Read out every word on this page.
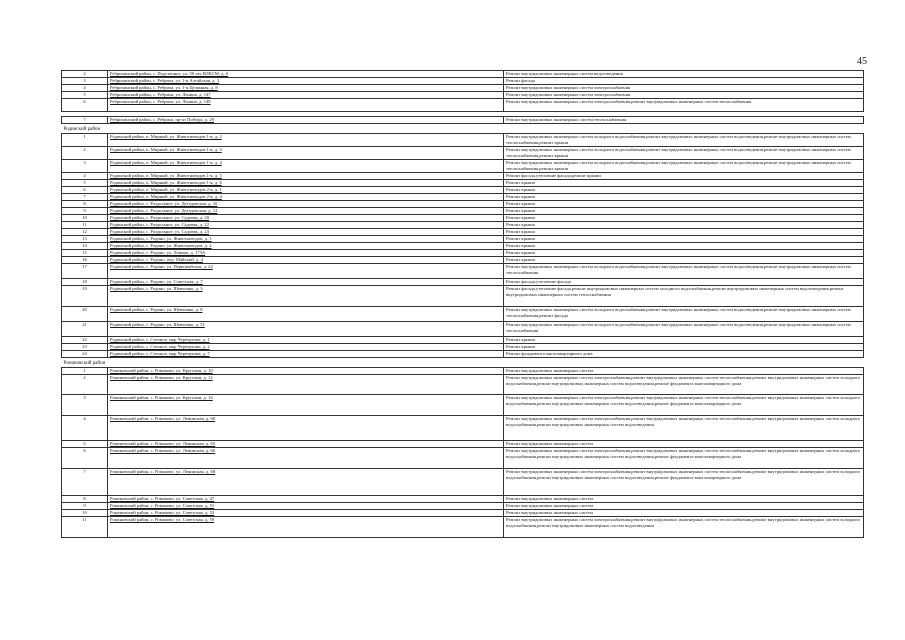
45
2	Ребрихинский район, с. Подстепное, ул. 50 лет ВЛКСМ, д. 6	Ремонт внутридомовых инженерных систем водоотведения
3	Ребрихинский район, с. Ребриха, ул. 1-я Алтайская, д. 3	Ремонт фасада
4	Ребрихинский район, с. Ребриха, ул. 1-я Целинная, д. 8	Ремонт внутридомовых инженерных систем электроснабжения
5	Ребрихинский район, с. Ребриха, ул. Ленина, д. 147	Ремонт внутридомовых инженерных систем электроснабжения
6	Ребрихинский район, с. Ребриха, ул. Ленина, д. 149	Ремонт внутридомовых инженерных систем электроснабжения,ремонт внутридомовых инженерных систем теплоснабжения

7	Ребрихинский район, с. Ребриха, пр-кт Победы, д. 29	Ремонт внутридомовых инженерных систем теплоснабжения
Родинский район		
1	Родинский район, п. Мирный, ул. Животноводов 1-я, д. 2	Ремонт внутридомовых инженерных систем холодного водоснабжения,ремонт внутридомовых инженерных систем водоотведения,ремонт внутридомовых инженерных систем теплоснабжения,ремонт крыши
2	Родинский район, п. Мирный, ул. Животноводов 1-я, д. 3	Ремонт внутридомовых инженерных систем холодного водоснабжения,ремонт внутридомовых инженерных систем водоотведения,ремонт внутридомовых инженерных систем теплоснабжения,ремонт крыши
3	Родинский район, п. Мирный, ул. Животноводов 1-я, д. 4	Ремонт внутридомовых инженерных систем холодного водоснабжения,ремонт внутридомовых инженерных систем водоотведения,ремонт внутридомовых инженерных систем теплоснабжения,ремонт крыши
4	Родинский район, п. Мирный, ул. Животноводов 1-я, д. 5	Ремонт фасада,утепление фасада,ремонт крыши
5	Родинский район, п. Мирный, ул. Животноводов 1-я, д. 6	Ремонт крыши
6	Родинский район, п. Мирный, ул. Животноводов 2-я, д. 1	Ремонт крыши
7	Родинский район, п. Мирный, ул. Животноводов 2-я, д. 4	Ремонт крыши
8	Родинский район, с. Раздольное, ул. Дегадовская, д. 10	Ремонт крыши
9	Родинский район, с. Раздольное, ул. Дегадовская, д. 12	Ремонт крыши
10	Родинский район, с. Раздольное, ул. Садовая, д. 20	Ремонт крыши
11	Родинский район, с. Раздольное, ул. Садовая, д. 22	Ремонт крыши
12	Родинский район, с. Раздольное, ул. Садовая, д. 23	Ремонт крыши
13	Родинский район, с. Родино, ул. Животноводов, д. 1	Ремонт крыши
14	Родинский район, с. Родино, ул. Животноводов, д. 2	Ремонт крыши
15	Родинский район, с. Родино, ул. Ленина, д. 173А	Ремонт крыши
16	Родинский район, с. Родино, пер. Майский, д. 4	Ремонт крыши
17	Родинский район, с. Родино, ул. Первомайская, д. 22	Ремонт внутридомовых инженерных систем холодного водоснабжения,ремонт внутридомовых инженерных систем водоотведения,ремонт внутридомовых инженерных систем теплоснабжения
18	Родинский район, с. Родино, ул. Советская, д. 7	Ремонт фасада,утепление фасада
19	Родинский район, с. Родино, ул. Шевченко, д. 3	Ремонт фасада,утепление фасада,ремонт внутридомовых инженерных систем холодного водоснабжения,ремонт внутридомовых инженерных систем водоотведения,ремонт внутридомовых инженерных систем теплоснабжения
20	Родинский район, с. Родино, ул. Шевченко, д. 8	Ремонт внутридомовых инженерных систем холодного водоснабжения,ремонт внутридомовых инженерных систем водоотведения,ремонт внутридомовых инженерных систем теплоснабжения,ремонт фасада
21	Родинский район, с. Родино, ул. Шевченко, д. 51	Ремонт внутридомовых инженерных систем холодного водоснабжения,ремонт внутридомовых инженерных систем водоотведения,ремонт внутридомовых инженерных систем теплоснабжения
22	Родинский район, с. Степное, мкр Черемушки, д. 1	Ремонт крыши
23	Родинский район, с. Степное, мкр Черемушки, д. 2	Ремонт крыши
24	Родинский район, с. Степное, мкр Черемушки, д. 7	Ремонт фундамента многоквартирного дома
Романовский район		
1	Романовский район, с. Романово, ул. Крупская, д. 10	Ремонт внутридомовых инженерных систем
2	Романовский район, с. Романово, ул. Крупская, д. 12	Ремонт внутридомовых инженерных систем электроснабжения,ремонт внутридомовых инженерных систем теплоснабжения,ремонт внутридомовых инженерных систем холодного водоснабжения,ремонт внутридомовых инженерных систем водоотведения,ремонт фундамента многоквартирного дома
3	Романовский район, с. Романово, ул. Крупская, д. 14	Ремонт внутридомовых инженерных систем электроснабжения,ремонт внутридомовых инженерных систем теплоснабжения,ремонт внутридомовых инженерных систем холодного водоснабжения,ремонт внутридомовых инженерных систем водоотведения,ремонт фундамента многоквартирного дома
4	Романовский район, с. Романово, ул. Ленинская, д. 60	Ремонт внутридомовых инженерных систем электроснабжения,ремонт внутридомовых инженерных систем теплоснабжения,ремонт внутридомовых инженерных систем холодного водоснабжения,ремонт внутридомовых инженерных систем водоотведения
5	Романовский район, с. Романово, ул. Ленинская, д. 65	Ремонт внутридомовых инженерных систем
6	Романовский район, с. Романово, ул. Ленинская, д. 66	Ремонт внутридомовых инженерных систем электроснабжения,ремонт внутридомовых инженерных систем теплоснабжения,ремонт внутридомовых инженерных систем холодного водоснабжения,ремонт внутридомовых инженерных систем водоотведения,ремонт фундамента многоквартирного дома
7	Романовский район, с. Романово, ул. Ленинская, д. 68	Ремонт внутридомовых инженерных систем электроснабжения,ремонт внутридомовых инженерных систем теплоснабжения,ремонт внутридомовых инженерных систем холодного водоснабжения,ремонт внутридомовых инженерных систем водоотведения,ремонт фундамента многоквартирного дома
8	Романовский район, с. Романово, ул. Советская, д. 47	Ремонт внутридомовых инженерных систем
9	Романовский район, с. Романово, ул. Советская, д. 51	Ремонт внутридомовых инженерных систем
10	Романовский район, с. Романово, ул. Советская, д. 53	Ремонт внутридомовых инженерных систем
11	Романовский район, с. Романово, ул. Советская, д. 59	Ремонт внутридомовых инженерных систем электроснабжения,ремонт внутридомовых инженерных систем теплоснабжения,ремонт внутридомовых инженерных систем холодного водоснабжения,ремонт внутридомовых инженерных систем водоотведения
